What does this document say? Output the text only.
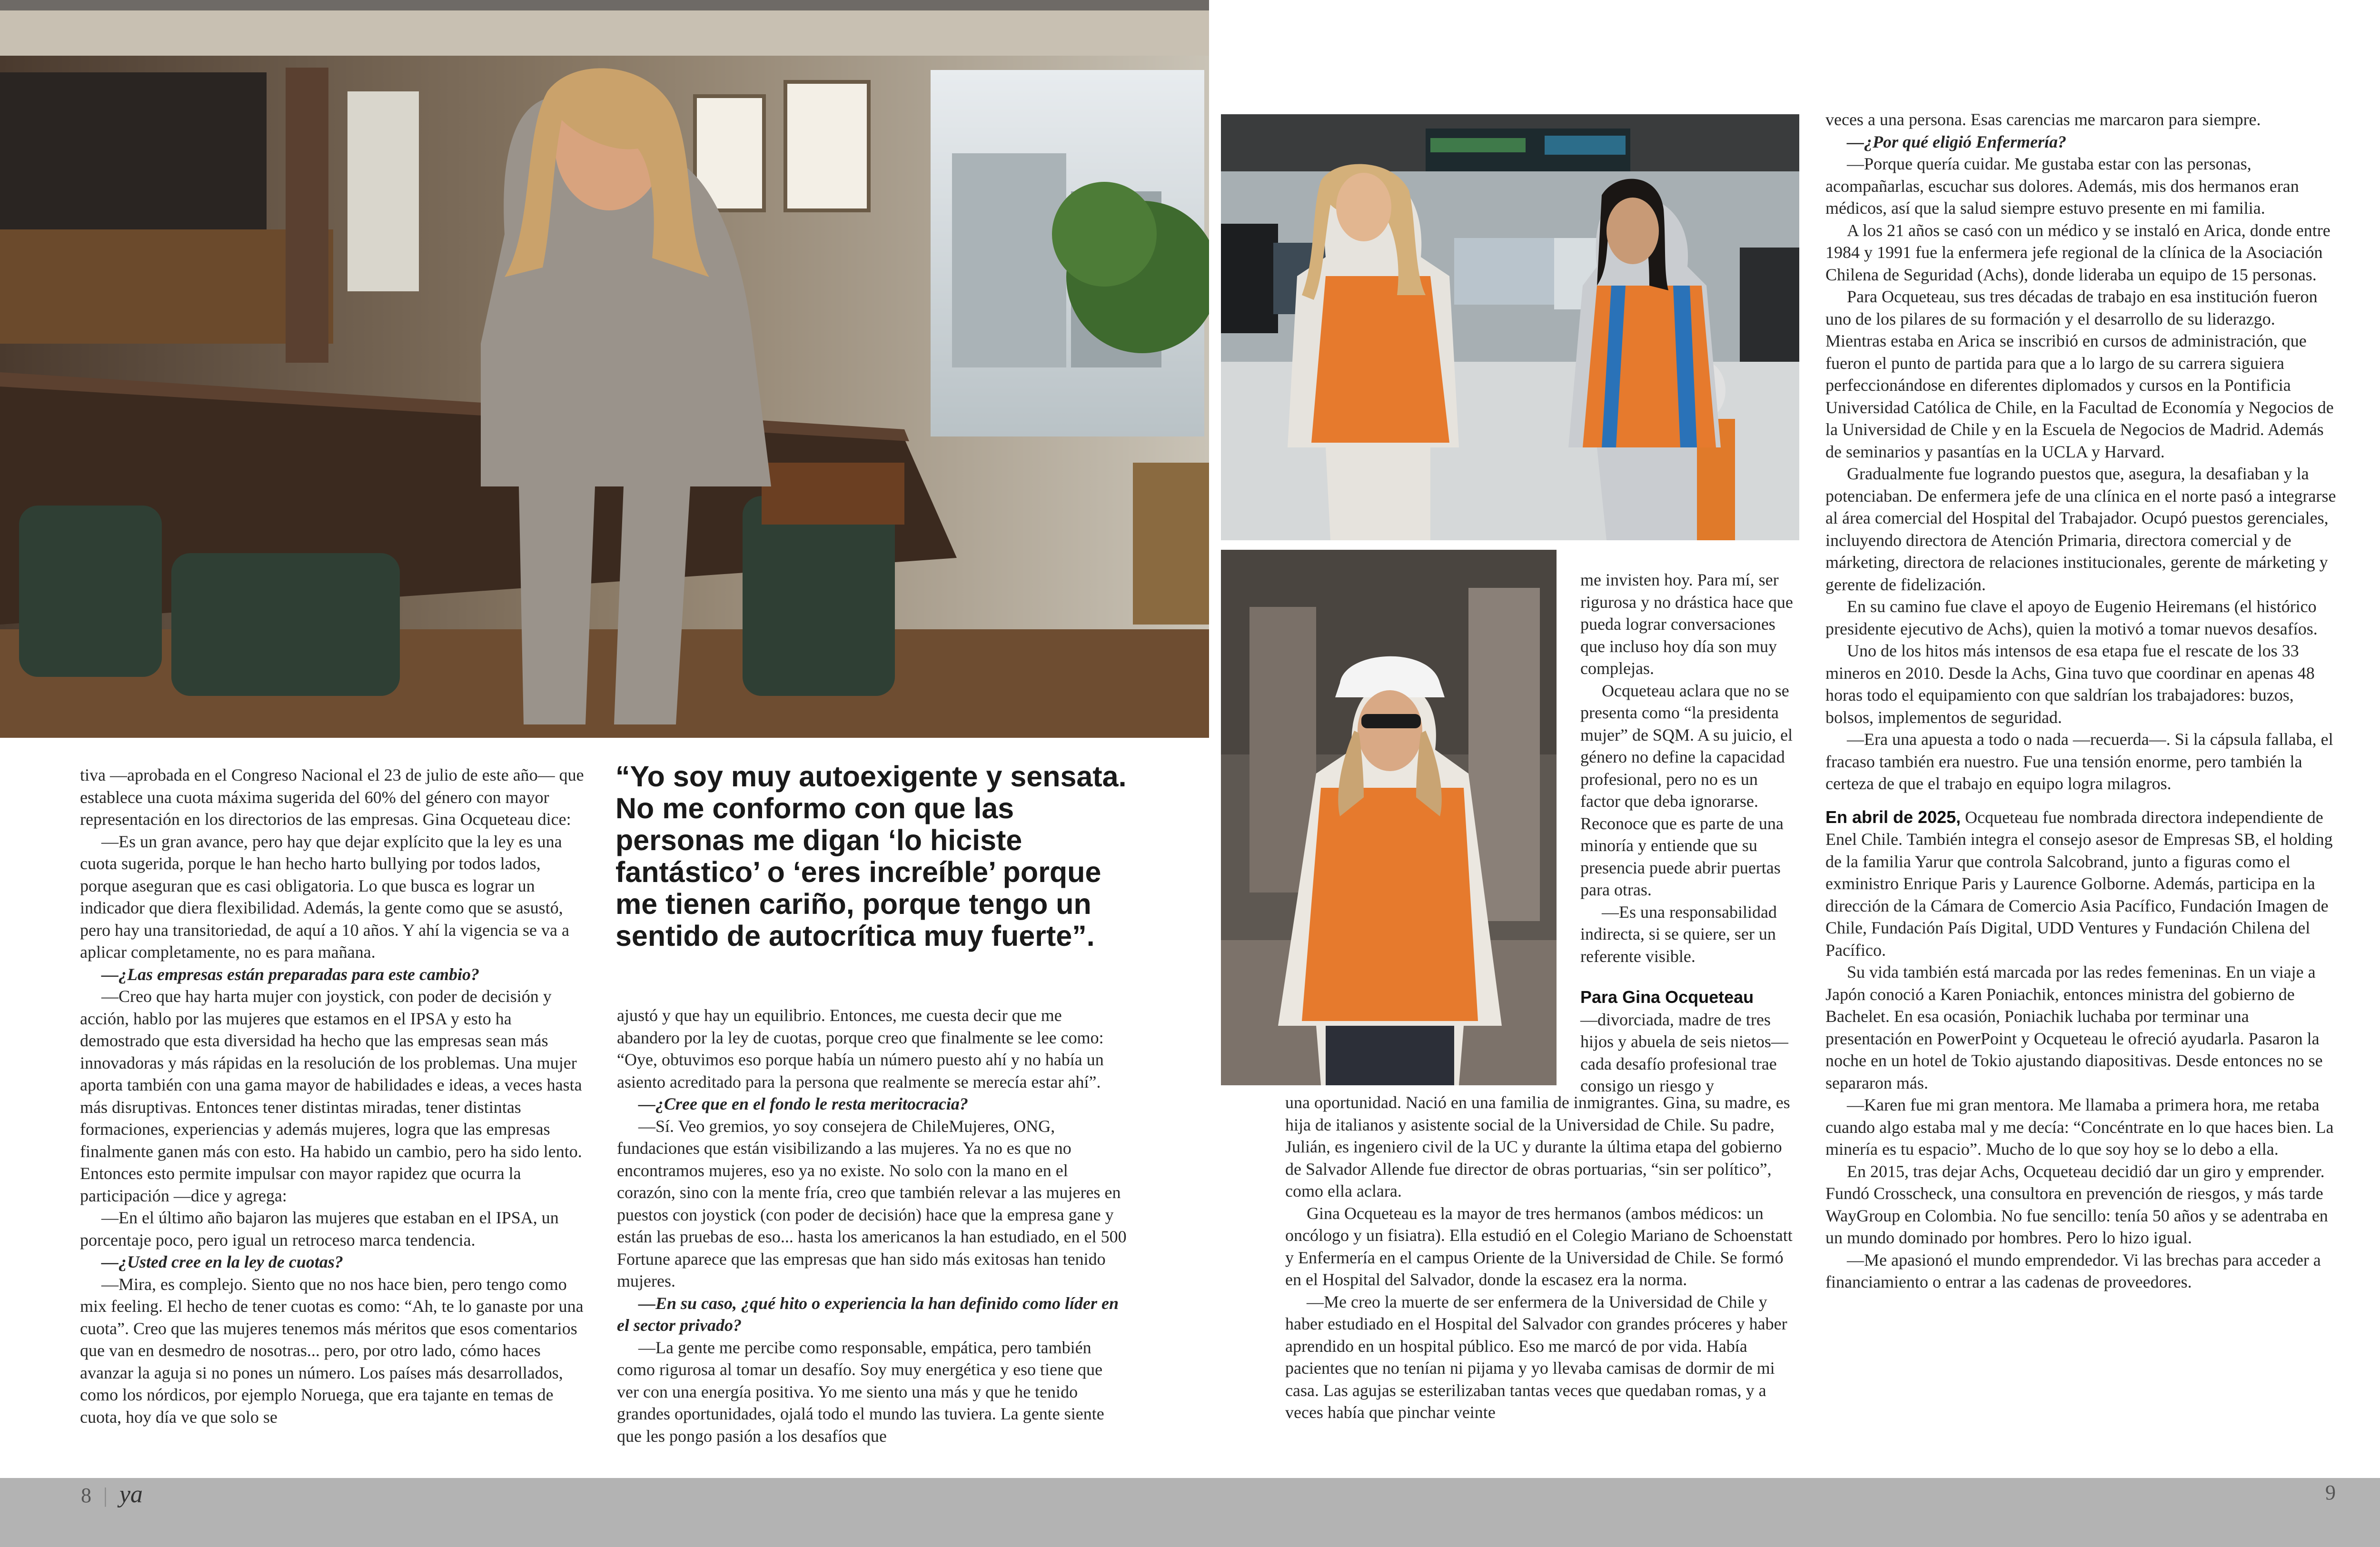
tiva —aprobada en el Congreso Nacional el 23 de julio de este año— que establece una cuota máxima sugerida del 60% del género con mayor representación en los directorios de las empresas. Gina Ocqueteau dice:

—Es un gran avance, pero hay que dejar explícito que la ley es una cuota sugerida, porque le han hecho harto bullying por todos lados, porque aseguran que es casi obligatoria. Lo que busca es lograr un indicador que diera flexibilidad. Además, la gente como que se asustó, pero hay una transitoriedad, de aquí a 10 años. Y ahí la vigencia se va a aplicar completamente, no es para mañana.

—¿Las empresas están preparadas para este cambio?

—Creo que hay harta mujer con joystick, con poder de decisión y acción, hablo por las mujeres que estamos en el IPSA y esto ha demostrado que esta diversidad ha hecho que las empresas sean más innovadoras y más rápidas en la resolución de los problemas. Una mujer aporta también con una gama mayor de habilidades e ideas, a veces hasta más disruptivas. Entonces tener distintas miradas, tener distintas formaciones, experiencias y además mujeres, logra que las empresas finalmente ganen más con esto. Ha habido un cambio, pero ha sido lento. Entonces esto permite impulsar con mayor rapidez que ocurra la participación —dice y agrega:

—En el último año bajaron las mujeres que estaban en el IPSA, un porcentaje poco, pero igual un retroceso marca tendencia.

—¿Usted cree en la ley de cuotas?

—Mira, es complejo. Siento que no nos hace bien, pero tengo como mix feeling. El hecho de tener cuotas es como: “Ah, te lo ganaste por una cuota”. Creo que las mujeres tenemos más méritos que esos comentarios que van en desmedro de nosotras... pero, por otro lado, cómo haces avanzar la aguja si no pones un número. Los países más desarrollados, como los nórdicos, por ejemplo Noruega, que era tajante en temas de cuota, hoy día ve que solo se

“Yo soy muy autoexigente y sensata. No me conformo con que las personas me digan ‘lo hiciste fantástico’ o ‘eres increíble’ porque me tienen cariño, porque tengo un sentido de autocrítica muy fuerte”.

ajustó y que hay un equilibrio. Entonces, me cuesta decir que me abandero por la ley de cuotas, porque creo que finalmente se lee como: “Oye, obtuvimos eso porque había un número puesto ahí y no había un asiento acreditado para la persona que realmente se merecía estar ahí”.

—¿Cree que en el fondo le resta meritocracia?

—Sí. Veo gremios, yo soy consejera de ChileMujeres, ONG, fundaciones que están visibilizando a las mujeres. Ya no es que no encontramos mujeres, eso ya no existe. No solo con la mano en el corazón, sino con la mente fría, creo que también relevar a las mujeres en puestos con joystick (con poder de decisión) hace que la empresa gane y están las pruebas de eso... hasta los americanos la han estudiado, en el 500 Fortune aparece que las empresas que han sido más exitosas han tenido mujeres.

—En su caso, ¿qué hito o experiencia la han definido como líder en el sector privado?

—La gente me percibe como responsable, empática, pero también como rigurosa al tomar un desafío. Soy muy energética y eso tiene que ver con una energía positiva. Yo me siento una más y que he tenido grandes oportunidades, ojalá todo el mundo las tuviera. La gente siente que les pongo pasión a los desafíos que

me invisten hoy. Para mí, ser rigurosa y no drástica hace que pueda lograr conversaciones que incluso hoy día son muy complejas.

Ocqueteau aclara que no se presenta como “la presidenta mujer” de SQM. A su juicio, el género no define la capacidad profesional, pero no es un factor que deba ignorarse. Reconoce que es parte de una minoría y entiende que su presencia puede abrir puertas para otras.

—Es una responsabilidad indirecta, si se quiere, ser un referente visible.

Para Gina Ocqueteau

—divorciada, madre de tres hijos y abuela de seis nietos— cada desafío profesional trae consigo un riesgo y

una oportunidad. Nació en una familia de inmigrantes. Gina, su madre, es hija de italianos y asistente social de la Universidad de Chile. Su padre, Julián, es ingeniero civil de la UC y durante la última etapa del gobierno de Salvador Allende fue director de obras portuarias, “sin ser político”, como ella aclara.

Gina Ocqueteau es la mayor de tres hermanos (ambos médicos: un oncólogo y un fisiatra). Ella estudió en el Colegio Mariano de Schoenstatt y Enfermería en el campus Oriente de la Universidad de Chile. Se formó en el Hospital del Salvador, donde la escasez era la norma.

—Me creo la muerte de ser enfermera de la Universidad de Chile y haber estudiado en el Hospital del Salvador con grandes próceres y haber aprendido en un hospital público. Eso me marcó de por vida. Había pacientes que no tenían ni pijama y yo llevaba camisas de dormir de mi casa. Las agujas se esterilizaban tantas veces que quedaban romas, y a veces había que pinchar veinte

veces a una persona. Esas carencias me marcaron para siempre.

—¿Por qué eligió Enfermería?

—Porque quería cuidar. Me gustaba estar con las personas, acompañarlas, escuchar sus dolores. Además, mis dos hermanos eran médicos, así que la salud siempre estuvo presente en mi familia.

A los 21 años se casó con un médico y se instaló en Arica, donde entre 1984 y 1991 fue la enfermera jefe regional de la clínica de la Asociación Chilena de Seguridad (Achs), donde lideraba un equipo de 15 personas.

Para Ocqueteau, sus tres décadas de trabajo en esa institución fueron uno de los pilares de su formación y el desarrollo de su liderazgo. Mientras estaba en Arica se inscribió en cursos de administración, que fueron el punto de partida para que a lo largo de su carrera siguiera perfeccionándose en diferentes diplomados y cursos en la Pontificia Universidad Católica de Chile, en la Facultad de Economía y Negocios de la Universidad de Chile y en la Escuela de Negocios de Madrid. Además de seminarios y pasantías en la UCLA y Harvard.

Gradualmente fue logrando puestos que, asegura, la desafiaban y la potenciaban. De enfermera jefe de una clínica en el norte pasó a integrarse al área comercial del Hospital del Trabajador. Ocupó puestos gerenciales, incluyendo directora de Atención Primaria, directora comercial y de márketing, directora de relaciones institucionales, gerente de márketing y gerente de fidelización.

En su camino fue clave el apoyo de Eugenio Heiremans (el histórico presidente ejecutivo de Achs), quien la motivó a tomar nuevos desafíos.

Uno de los hitos más intensos de esa etapa fue el rescate de los 33 mineros en 2010. Desde la Achs, Gina tuvo que coordinar en apenas 48 horas todo el equipamiento con que saldrían los trabajadores: buzos, bolsos, implementos de seguridad.

—Era una apuesta a todo o nada —recuerda—. Si la cápsula fallaba, el fracaso también era nuestro. Fue una tensión enorme, pero también la certeza de que el trabajo en equipo logra milagros.

En abril de 2025, Ocqueteau fue nombrada directora independiente de Enel Chile. También integra el consejo asesor de Empresas SB, el holding de la familia Yarur que controla Salcobrand, junto a figuras como el exministro Enrique Paris y Laurence Golborne. Además, participa en la dirección de la Cámara de Comercio Asia Pacífico, Fundación Imagen de Chile, Fundación País Digital, UDD Ventures y Fundación Chilena del Pacífico.

Su vida también está marcada por las redes femeninas. En un viaje a Japón conoció a Karen Poniachik, entonces ministra del gobierno de Bachelet. En esa ocasión, Poniachik luchaba por terminar una presentación en PowerPoint y Ocqueteau le ofreció ayudarla. Pasaron la noche en un hotel de Tokio ajustando diapositivas. Desde entonces no se separaron más.

—Karen fue mi gran mentora. Me llamaba a primera hora, me retaba cuando algo estaba mal y me decía: “Concéntrate en lo que haces bien. La minería es tu espacio”. Mucho de lo que soy hoy se lo debo a ella.

En 2015, tras dejar Achs, Ocqueteau decidió dar un giro y emprender. Fundó Crosscheck, una consultora en prevención de riesgos, y más tarde WayGroup en Colombia. No fue sencillo: tenía 50 años y se adentraba en un mundo dominado por hombres. Pero lo hizo igual.

—Me apasionó el mundo emprendedor. Vi las brechas para acceder a financiamiento o entrar a las cadenas de proveedores.

8 | ya	9
